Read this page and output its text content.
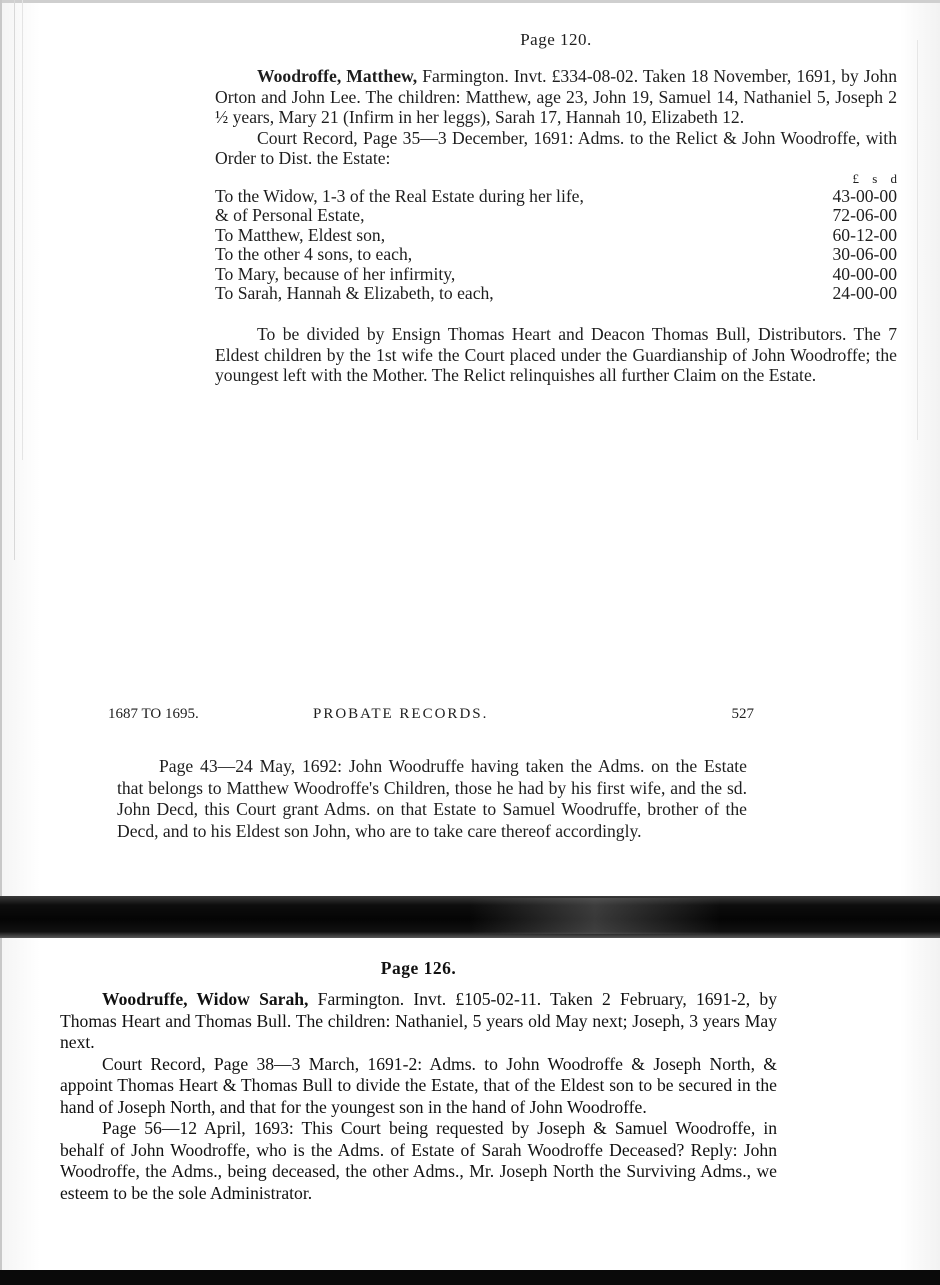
Page 120.

Woodroffe, Matthew, Farmington. Invt. £334-08-02. Taken 18 November, 1691, by John Orton and John Lee. The children: Matthew, age 23, John 19, Samuel 14, Nathaniel 5, Joseph 2 ½ years, Mary 21 (Infirm in her leggs), Sarah 17, Hannah 10, Elizabeth 12.

Court Record, Page 35—3 December, 1691: Adms. to the Relict & John Woodroffe, with Order to Dist. the Estate:

£ s d
To the Widow, 1-3 of the Real Estate during her life,	43-00-00
& of Personal Estate,	72-06-00
To Matthew, Eldest son,	60-12-00
To the other 4 sons, to each,	30-06-00
To Mary, because of her infirmity,	40-00-00
To Sarah, Hannah & Elizabeth, to each,	24-00-00

To be divided by Ensign Thomas Heart and Deacon Thomas Bull, Distributors. The 7 Eldest children by the 1st wife the Court placed under the Guardianship of John Woodroffe; the youngest left with the Mother. The Relict relinquishes all further Claim on the Estate.

1687 TO 1695.	PROBATE RECORDS.	527

Page 43—24 May, 1692: John Woodruffe having taken the Adms. on the Estate that belongs to Matthew Woodroffe's Children, those he had by his first wife, and the sd. John Decd, this Court grant Adms. on that Estate to Samuel Woodruffe, brother of the Decd, and to his Eldest son John, who are to take care thereof accordingly.

Page 126.

Woodruffe, Widow Sarah, Farmington. Invt. £105-02-11. Taken 2 February, 1691-2, by Thomas Heart and Thomas Bull. The children: Nathaniel, 5 years old May next; Joseph, 3 years May next.

Court Record, Page 38—3 March, 1691-2: Adms. to John Woodroffe & Joseph North, & appoint Thomas Heart & Thomas Bull to divide the Estate, that of the Eldest son to be secured in the hand of Joseph North, and that for the youngest son in the hand of John Woodroffe.

Page 56—12 April, 1693: This Court being requested by Joseph & Samuel Woodroffe, in behalf of John Woodroffe, who is the Adms. of Estate of Sarah Woodroffe Deceased? Reply: John Woodroffe, the Adms., being deceased, the other Adms., Mr. Joseph North the Surviving Adms., we esteem to be the sole Administrator.
